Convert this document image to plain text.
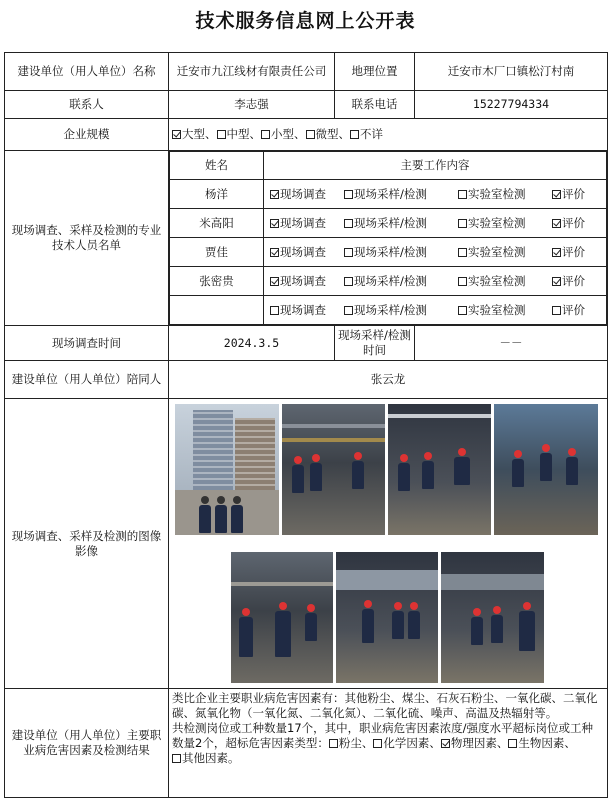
技术服务信息网上公开表
建设单位（用人单位）名称	迁安市九江线材有限责任公司	地理位置	迁安市木厂口镇松汀村南
联系人	李志强	联系电话	15227794334
企业规模	大型、 中型、 小型、 微型、 不详
现场调查、采样及检测的专业技术人员名单	
姓名	主要工作内容
杨洋	现场调查 现场采样/检测	实验室检测	评价
米高阳	现场调查 现场采样/检测	实验室检测	评价
贾佳	现场调查 现场采样/检测	实验室检测	评价
张密贵	现场调查 现场采样/检测	实验室检测	评价
	现场调查 现场采样/检测	实验室检测	评价

现场调查时间	2024.3.5	现场采样/检测时间	－－
建设单位（用人单位）陪同人	张云龙
现场调查、采样及检测的图像影像	

建设单位（用人单位）主要职业病危害因素及检测结果	
类比企业主要职业病危害因素有：其他粉尘、煤尘、石灰石粉尘、一氧化碳、二氧化碳、氮氧化物（一氧化氮、二氧化氮）、二氧化硫、噪声、高温及热辐射等。
共检测岗位或工种数量17个，其中，职业病危害因素浓度/强度水平超标岗位或工种数量2个，超标危害因素类型： 粉尘、 化学因素、 物理因素、 生物因素、其他因素。
